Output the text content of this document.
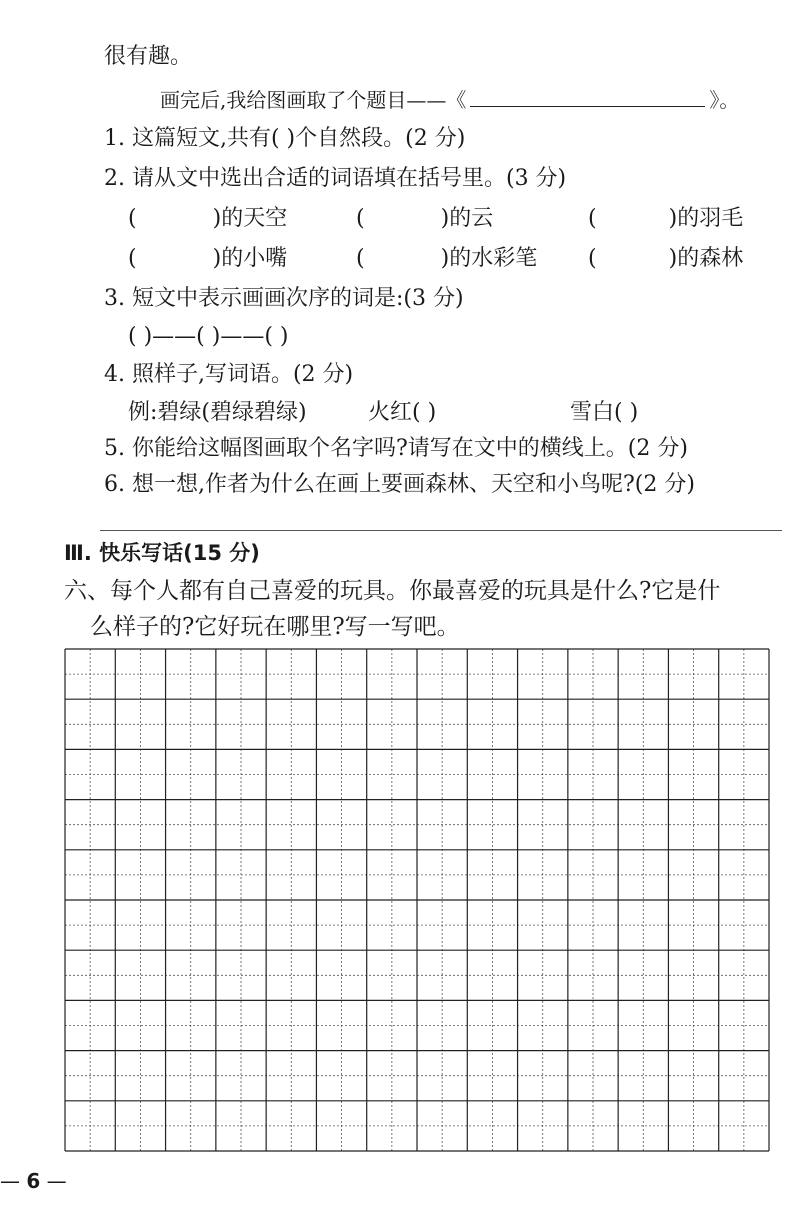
很有趣。
画完后,我给图画取了个题目——《	》。
1. 这篇短文,共有( )个自然段。(2 分)
2. 请从文中选出合适的词语填在括号里。(3 分)
(	)的天空	(	)的云	(	)的羽毛
(	)的小嘴	(	)的水彩笔 (	)的森林
3. 短文中表示画画次序的词是:(3 分)
( )——( )——( )
4. 照样子,写词语。(2 分)
例:碧绿(碧绿碧绿)	火红( )	雪白( )
5. 你能给这幅图画取个名字吗?请写在文中的横线上。(2 分)
6. 想一想,作者为什么在画上要画森林、天空和小鸟呢?(2 分)
Ⅲ. 快乐写话(15 分)
六、每个人都有自己喜爱的玩具。你最喜爱的玩具是什么?它是什
么样子的?它好玩在哪里?写一写吧。
— 6 —
